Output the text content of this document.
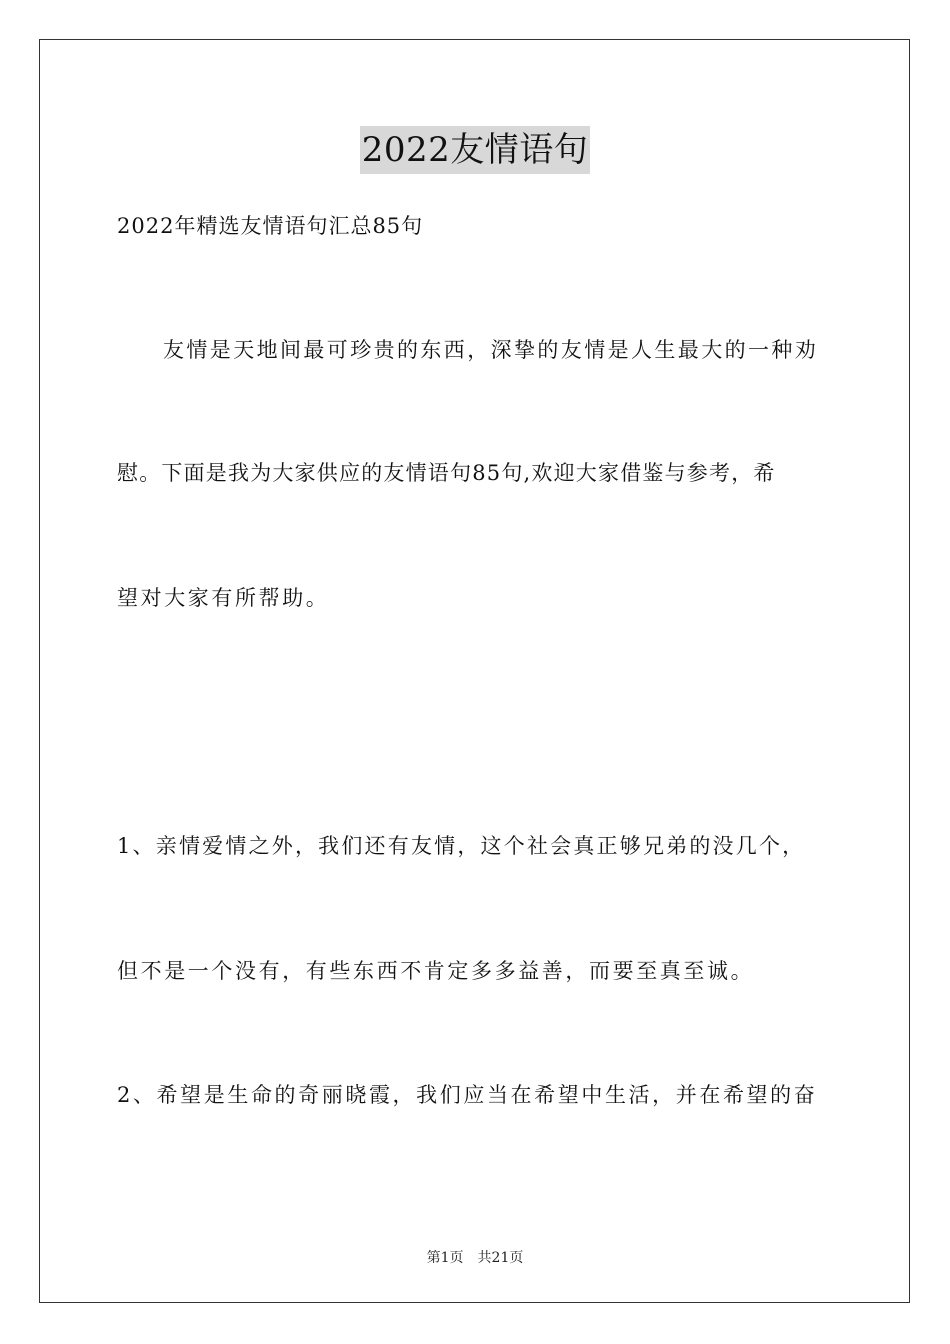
2022友情语句
2022年精选友情语句汇总85句
友情是天地间最可珍贵的东西，深挚的友情是人生最大的一种劝
慰。下面是我为大家供应的友情语句85句,欢迎大家借鉴与参考，希
望对大家有所帮助。
1、亲情爱情之外，我们还有友情，这个社会真正够兄弟的没几个，
但不是一个没有，有些东西不肯定多多益善，而要至真至诚。
2、希望是生命的奇丽晓霞，我们应当在希望中生活，并在希望的奋
第1页 共21页
